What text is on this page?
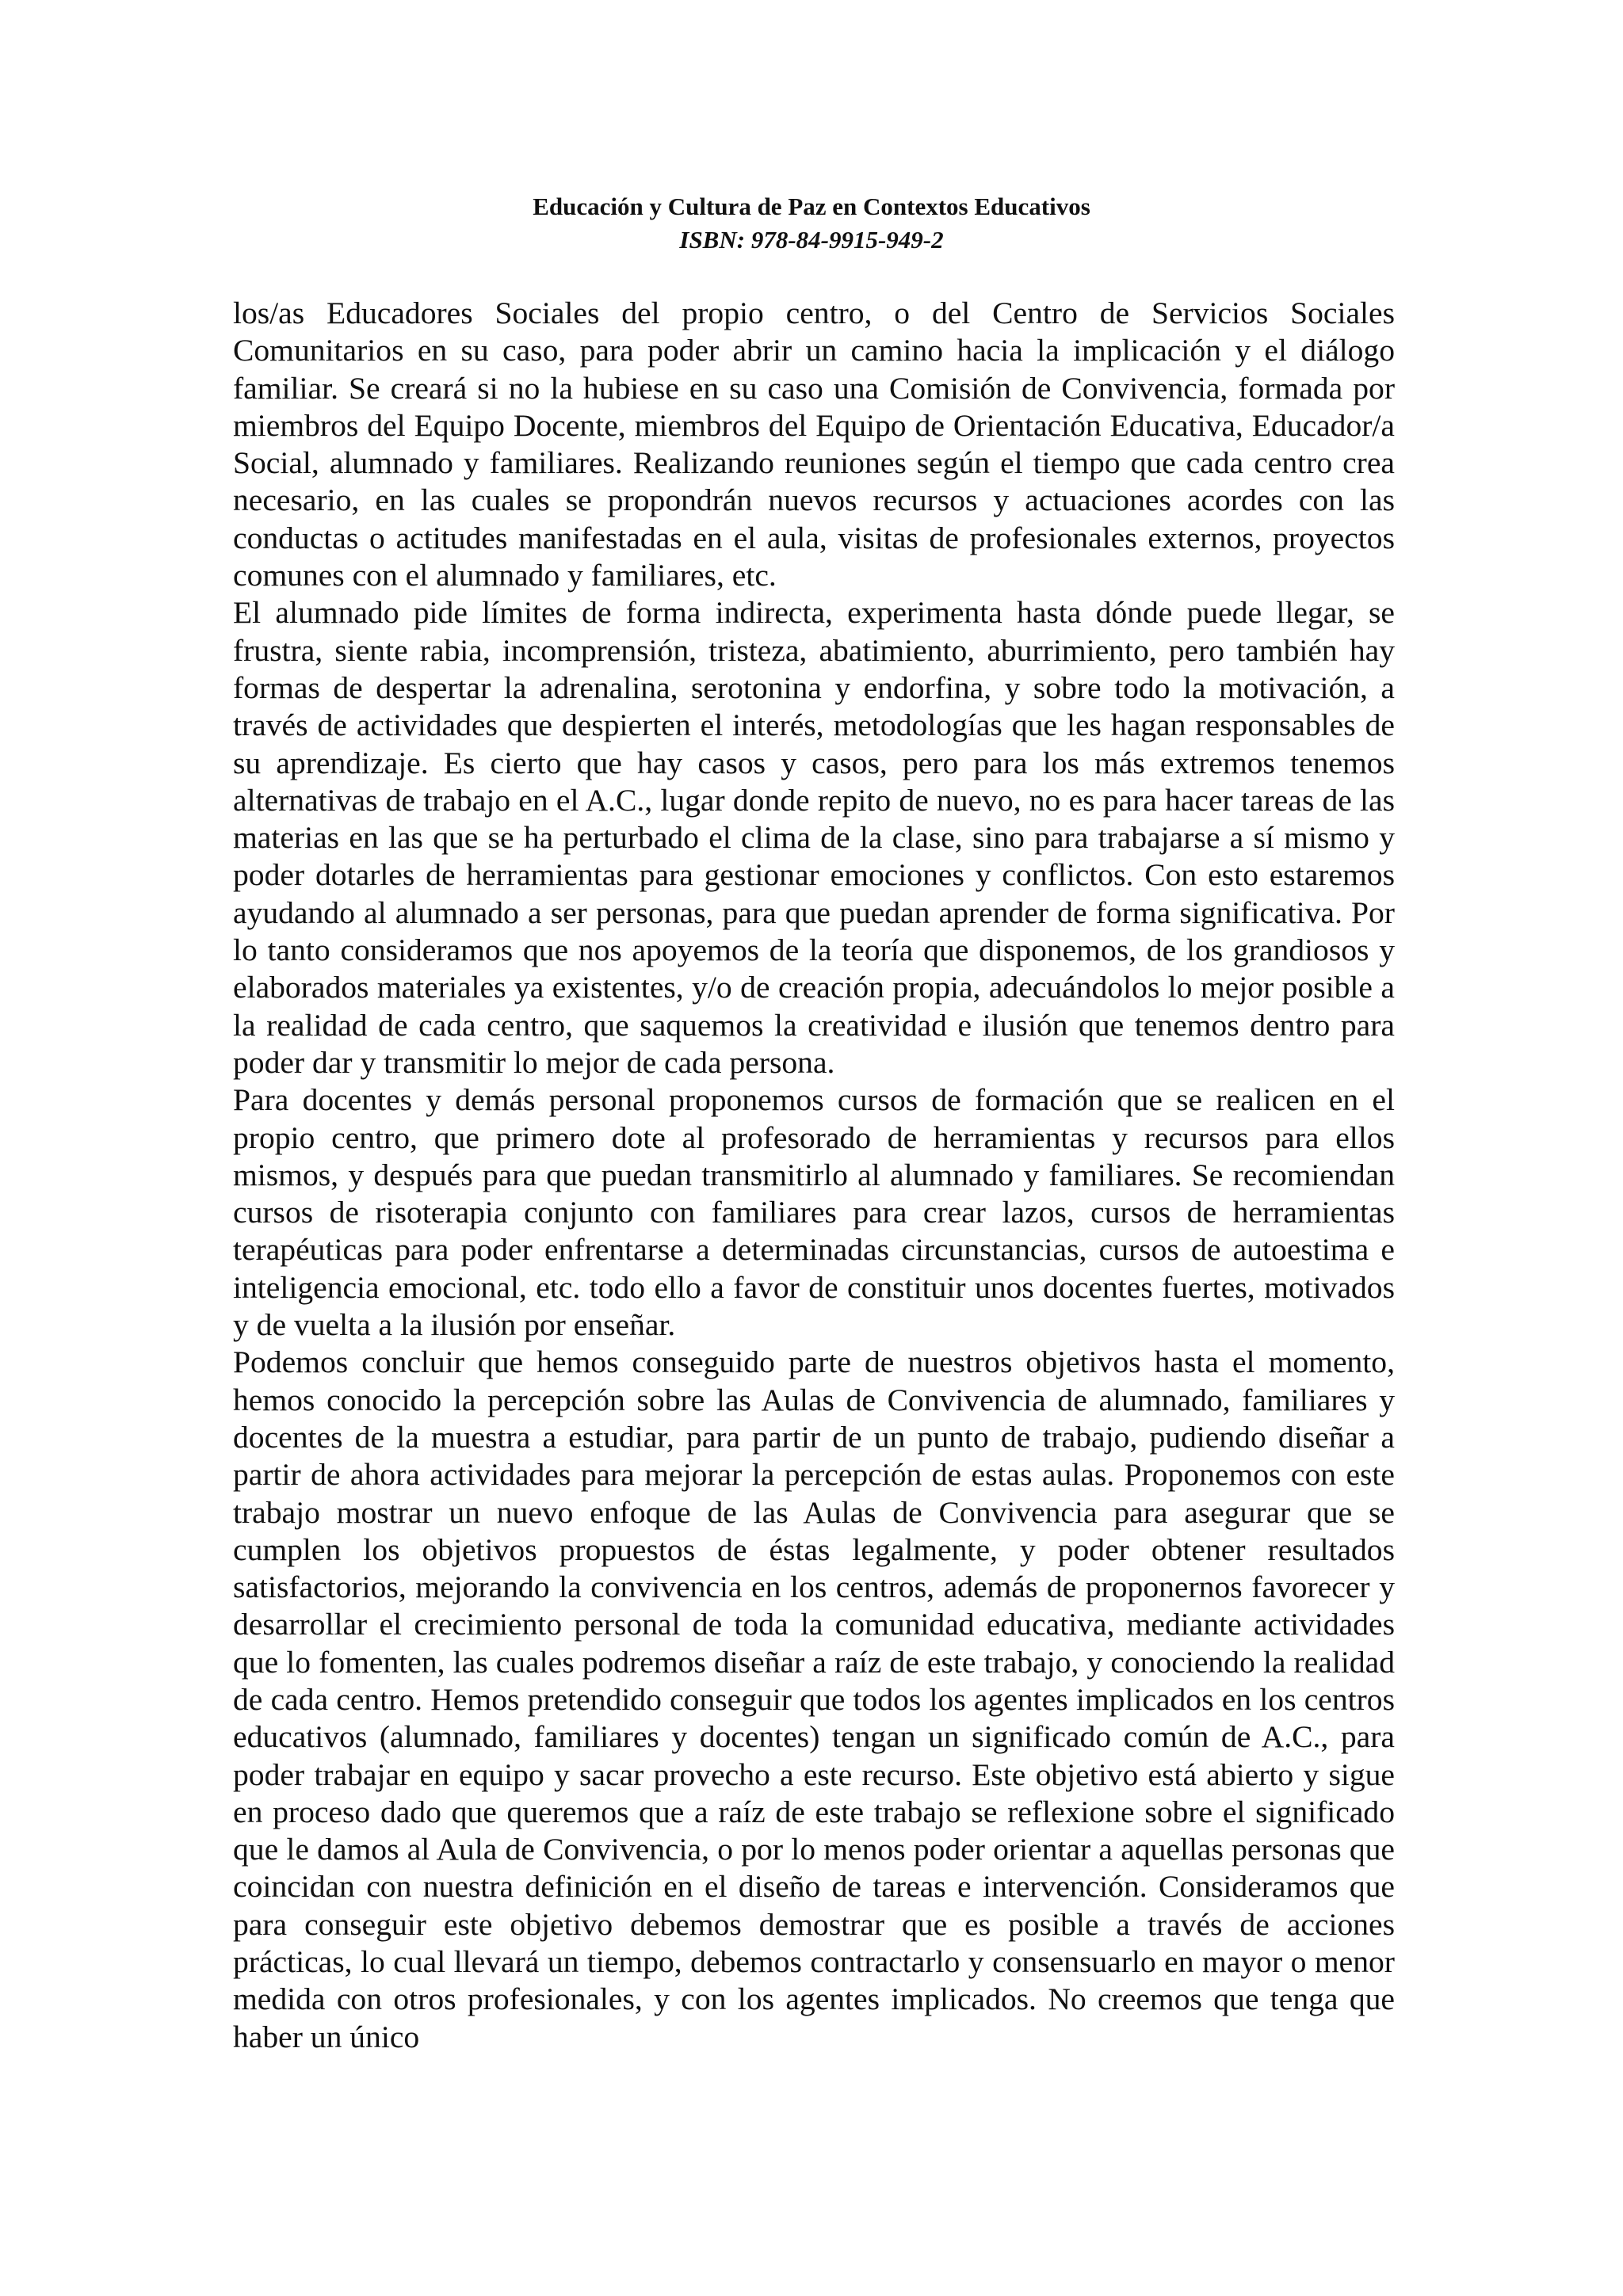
Educación y Cultura de Paz en Contextos Educativos
ISBN: 978-84-9915-949-2

los/as Educadores Sociales del propio centro, o del Centro de Servicios Sociales Comunitarios en su caso, para poder abrir un camino hacia la implicación y el diálogo familiar. Se creará si no la hubiese en su caso una Comisión de Convivencia, formada por miembros del Equipo Docente, miembros del Equipo de Orientación Educativa, Educador/a Social, alumnado y familiares. Realizando reuniones según el tiempo que cada centro crea necesario, en las cuales se propondrán nuevos recursos y actuaciones acordes con las conductas o actitudes manifestadas en el aula, visitas de profesionales externos, proyectos comunes con el alumnado y familiares, etc.

El alumnado pide límites de forma indirecta, experimenta hasta dónde puede llegar, se frustra, siente rabia, incomprensión, tristeza, abatimiento, aburrimiento, pero también hay formas de despertar la adrenalina, serotonina y endorfina, y sobre todo la motivación, a través de actividades que despierten el interés, metodologías que les hagan responsables de su aprendizaje. Es cierto que hay casos y casos, pero para los más extremos tenemos alternativas de trabajo en el A.C., lugar donde repito de nuevo, no es para hacer tareas de las materias en las que se ha perturbado el clima de la clase, sino para trabajarse a sí mismo y poder dotarles de herramientas para gestionar emociones y conflictos. Con esto estaremos ayudando al alumnado a ser personas, para que puedan aprender de forma significativa. Por lo tanto consideramos que nos apoyemos de la teoría que disponemos, de los grandiosos y elaborados materiales ya existentes, y/o de creación propia, adecuándolos lo mejor posible a la realidad de cada centro, que saquemos la creatividad e ilusión que tenemos dentro para poder dar y transmitir lo mejor de cada persona.

Para docentes y demás personal proponemos cursos de formación que se realicen en el propio centro, que primero dote al profesorado de herramientas y recursos para ellos mismos, y después para que puedan transmitirlo al alumnado y familiares. Se recomiendan cursos de risoterapia conjunto con familiares para crear lazos, cursos de herramientas terapéuticas para poder enfrentarse a determinadas circunstancias, cursos de autoestima e inteligencia emocional, etc. todo ello a favor de constituir unos docentes fuertes, motivados y de vuelta a la ilusión por enseñar.

Podemos concluir que hemos conseguido parte de nuestros objetivos hasta el momento, hemos conocido la percepción sobre las Aulas de Convivencia de alumnado, familiares y docentes de la muestra a estudiar, para partir de un punto de trabajo, pudiendo diseñar a partir de ahora actividades para mejorar la percepción de estas aulas. Proponemos con este trabajo mostrar un nuevo enfoque de las Aulas de Convivencia para asegurar que se cumplen los objetivos propuestos de éstas legalmente, y poder obtener resultados satisfactorios, mejorando la convivencia en los centros, además de proponernos favorecer y desarrollar el crecimiento personal de toda la comunidad educativa, mediante actividades que lo fomenten, las cuales podremos diseñar a raíz de este trabajo, y conociendo la realidad de cada centro. Hemos pretendido conseguir que todos los agentes implicados en los centros educativos (alumnado, familiares y docentes) tengan un significado común de A.C., para poder trabajar en equipo y sacar provecho a este recurso. Este objetivo está abierto y sigue en proceso dado que queremos que a raíz de este trabajo se reflexione sobre el significado que le damos al Aula de Convivencia, o por lo menos poder orientar a aquellas personas que coincidan con nuestra definición en el diseño de tareas e intervención. Consideramos que para conseguir este objetivo debemos demostrar que es posible a través de acciones prácticas, lo cual llevará un tiempo, debemos contractarlo y consensuarlo en mayor o menor medida con otros profesionales, y con los agentes implicados. No creemos que tenga que haber un único
